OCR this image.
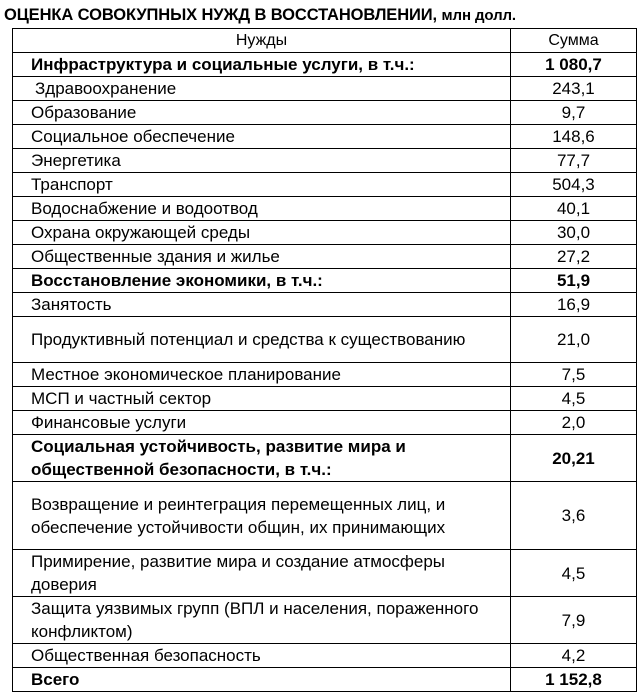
ОЦЕНКА СОВОКУПНЫХ НУЖД В ВОССТАНОВЛЕНИИ, млн долл.
Нужды	Сумма
Инфраструктура и социальные услуги, в т.ч.:	1 080,7
Здравоохранение	243,1
Образование	9,7
Социальное обеспечение	148,6
Энергетика	77,7
Транспорт	504,3
Водоснабжение и водоотвод	40,1
Охрана окружающей среды	30,0
Общественные здания и жилье	27,2
Восстановление экономики, в т.ч.:	51,9
Занятость	16,9
Продуктивный потенциал и средства к существованию	21,0
Местное экономическое планирование	7,5
МСП и частный сектор	4,5
Финансовые услуги	2,0
Социальная устойчивость, развитие мира и общественной безопасности, в т.ч.:	20,21
Возвращение и реинтеграция перемещенных лиц, и обеспечение устойчивости общин, их принимающих	3,6
Примирение, развитие мира и создание атмосферы доверия	4,5
Защита уязвимых групп (ВПЛ и населения, пораженного конфликтом)	7,9
Общественная безопасность	4,2
Всего	1 152,8
